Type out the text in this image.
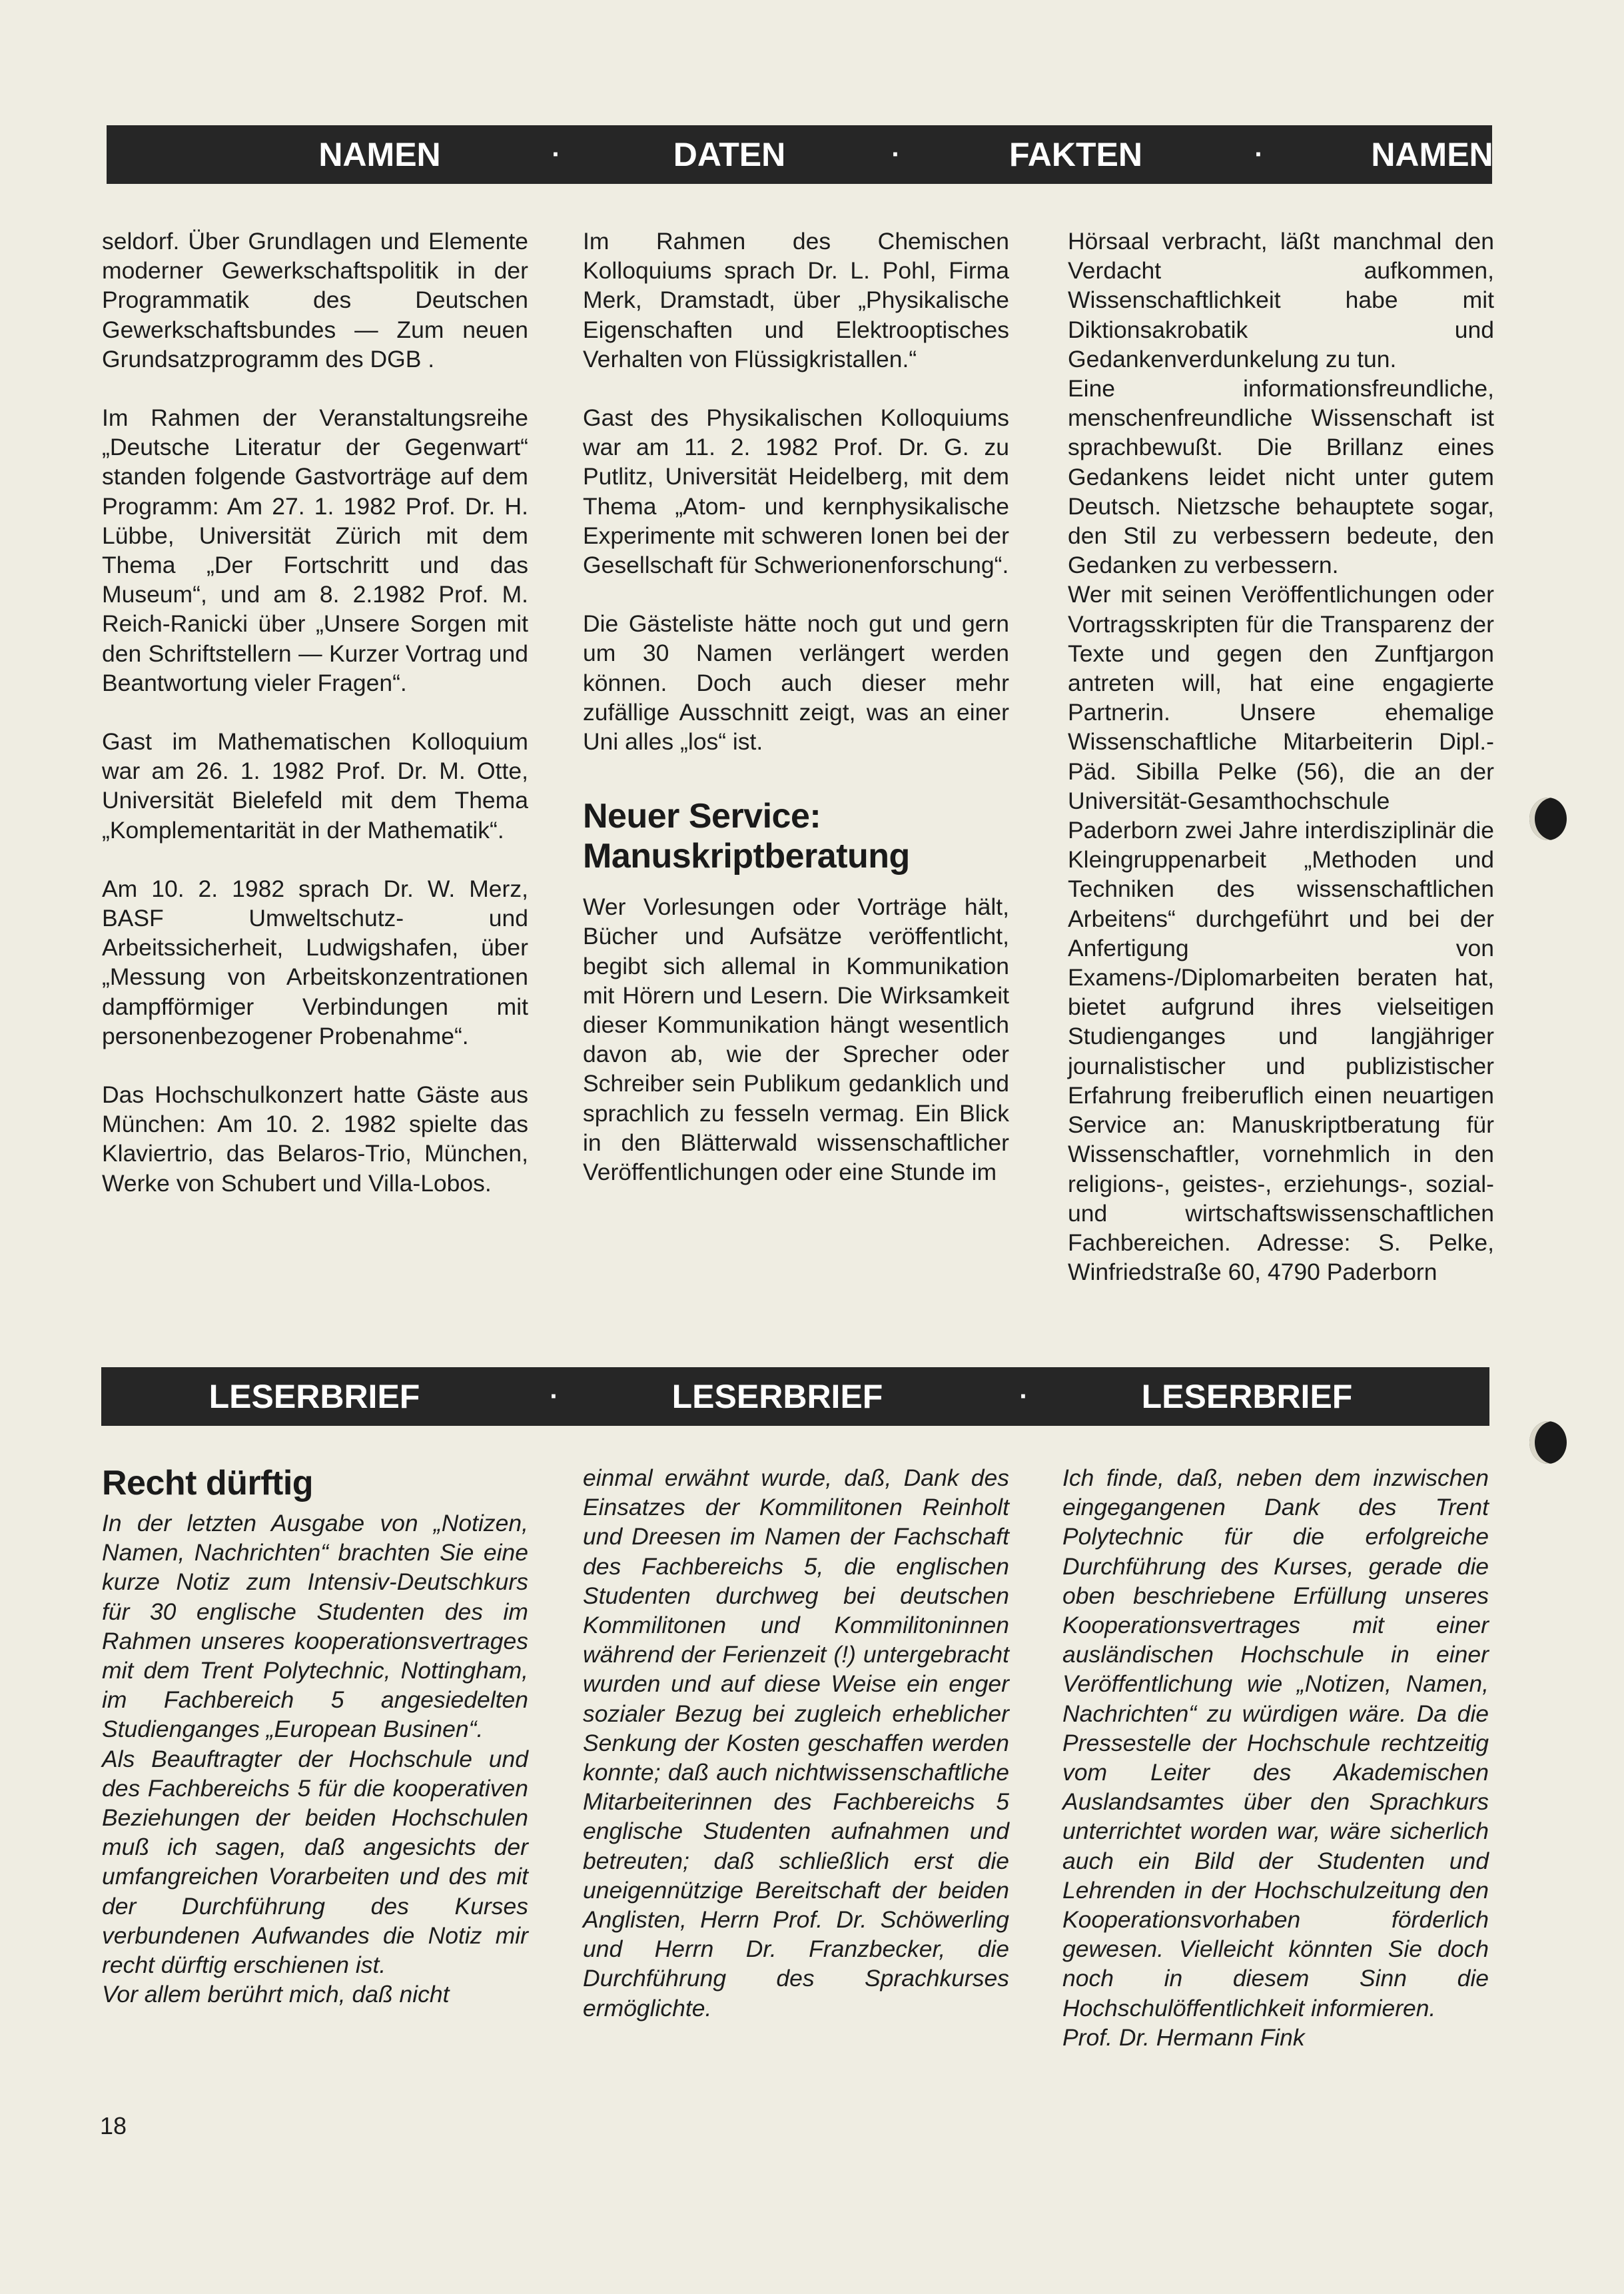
NAMEN	·	DATEN	·	FAKTEN	·	NAMEN

seldorf. Über Grundlagen und Elemente moderner Gewerkschaftspolitik in der Programmatik des Deutschen Gewerkschaftsbundes — Zum neuen Grundsatzprogramm des DGB .

Im Rahmen der Veranstaltungsreihe „Deutsche Literatur der Gegenwart“ standen folgende Gastvorträge auf dem Programm: Am 27. 1. 1982 Prof. Dr. H. Lübbe, Universität Zürich mit dem Thema „Der Fortschritt und das Museum“, und am 8. 2.1982 Prof. M. Reich-Ranicki über „Unsere Sorgen mit den Schriftstellern — Kurzer Vortrag und Beantwortung vieler Fragen“.

Gast im Mathematischen Kolloquium war am 26. 1. 1982 Prof. Dr. M. Otte, Universität Bielefeld mit dem Thema „Komplementarität in der Mathematik“.

Am 10. 2. 1982 sprach Dr. W. Merz, BASF Umweltschutz- und Arbeitssicherheit, Ludwigshafen, über „Messung von Arbeitskonzentrationen dampfförmiger Verbindungen mit personenbezogener Probenahme“.

Das Hochschulkonzert hatte Gäste aus München: Am 10. 2. 1982 spielte das Klaviertrio, das Belaros-Trio, München, Werke von Schubert und Villa-Lobos.

Im Rahmen des Chemischen Kolloquiums sprach Dr. L. Pohl, Firma Merk, Dramstadt, über „Physikalische Eigenschaften und Elektrooptisches Verhalten von Flüssigkristallen.“

Gast des Physikalischen Kolloquiums war am 11. 2. 1982 Prof. Dr. G. zu Putlitz, Universität Heidelberg, mit dem Thema „Atom- und kernphysikalische Experimente mit schweren Ionen bei der Gesellschaft für Schwerionenforschung“.

Die Gästeliste hätte noch gut und gern um 30 Namen verlängert werden können. Doch auch dieser mehr zufällige Ausschnitt zeigt, was an einer Uni alles „los“ ist.

Neuer Service: Manuskriptberatung

Wer Vorlesungen oder Vorträge hält, Bücher und Aufsätze veröffentlicht, begibt sich allemal in Kommunikation mit Hörern und Lesern. Die Wirksamkeit dieser Kommunikation hängt wesentlich davon ab, wie der Sprecher oder Schreiber sein Publikum gedanklich und sprachlich zu fesseln vermag. Ein Blick in den Blätterwald wissenschaftlicher Veröffentlichungen oder eine Stunde im

Hörsaal verbracht, läßt manchmal den Verdacht aufkommen, Wissenschaftlichkeit habe mit Diktionsakrobatik und Gedankenverdunkelung zu tun.

Eine informationsfreundliche, menschenfreundliche Wissenschaft ist sprachbewußt. Die Brillanz eines Gedankens leidet nicht unter gutem Deutsch. Nietzsche behauptete sogar, den Stil zu verbessern bedeute, den Gedanken zu verbessern.

Wer mit seinen Veröffentlichungen oder Vortragsskripten für die Transparenz der Texte und gegen den Zunftjargon antreten will, hat eine engagierte Partnerin. Unsere ehemalige Wissenschaftliche Mitarbeiterin Dipl.-Päd. Sibilla Pelke (56), die an der Universität-Gesamthochschule Paderborn zwei Jahre interdisziplinär die Kleingruppenarbeit „Methoden und Techniken des wissenschaftlichen Arbeitens“ durchgeführt und bei der Anfertigung von Examens-/Diplomarbeiten beraten hat, bietet aufgrund ihres vielseitigen Studienganges und langjähriger journalistischer und publizistischer Erfahrung freiberuflich einen neuartigen Service an: Manuskriptberatung für Wissenschaftler, vornehmlich in den religions-, geistes-, erziehungs-, sozial- und wirtschaftswissenschaftlichen Fachbereichen. Adresse: S. Pelke, Winfriedstraße 60, 4790 Paderborn

LESERBRIEF	·	LESERBRIEF	·	LESERBRIEF
Recht dürftig

In der letzten Ausgabe von „Notizen, Namen, Nachrichten“ brachten Sie eine kurze Notiz zum Intensiv-Deutschkurs für 30 englische Studenten des im Rahmen unseres kooperationsvertrages mit dem Trent Polytechnic, Nottingham, im Fachbereich 5 angesiedelten Studienganges „European Businen“.

Als Beauftragter der Hochschule und des Fachbereichs 5 für die kooperativen Beziehungen der beiden Hochschulen muß ich sagen, daß angesichts der umfangreichen Vorarbeiten und des mit der Durchführung des Kurses verbundenen Aufwandes die Notiz mir recht dürftig erschienen ist.

Vor allem berührt mich, daß nicht

einmal erwähnt wurde, daß, Dank des Einsatzes der Kommilitonen Reinholt und Dreesen im Namen der Fachschaft des Fachbereichs 5, die englischen Studenten durchweg bei deutschen Kommilitonen und Kommilitoninnen während der Ferienzeit (!) untergebracht wurden und auf diese Weise ein enger sozialer Bezug bei zugleich erheblicher Senkung der Kosten geschaffen werden konnte; daß auch nichtwissenschaftliche Mitarbeiterinnen des Fachbereichs 5 englische Studenten aufnahmen und betreuten; daß schließlich erst die uneigennützige Bereitschaft der beiden Anglisten, Herrn Prof. Dr. Schöwerling und Herrn Dr. Franzbecker, die Durchführung des Sprachkurses ermöglichte.

Ich finde, daß, neben dem inzwischen eingegangenen Dank des Trent Polytechnic für die erfolgreiche Durchführung des Kurses, gerade die oben beschriebene Erfüllung unseres Kooperationsvertrages mit einer ausländischen Hochschule in einer Veröffentlichung wie „Notizen, Namen, Nachrichten“ zu würdigen wäre. Da die Pressestelle der Hochschule rechtzeitig vom Leiter des Akademischen Auslandsamtes über den Sprachkurs unterrichtet worden war, wäre sicherlich auch ein Bild der Studenten und Lehrenden in der Hochschulzeitung den Kooperationsvorhaben förderlich gewesen. Vielleicht könnten Sie doch noch in diesem Sinn die Hochschulöffentlichkeit informieren.

Prof. Dr. Hermann Fink

18
